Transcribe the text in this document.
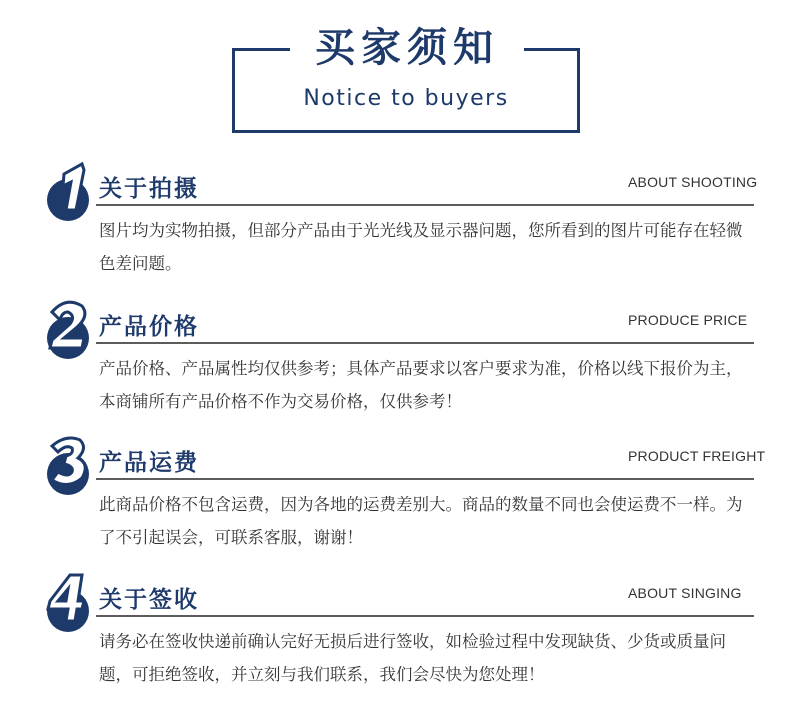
买家须知
Notice to buyers
关于拍摄	ABOUT SHOOTING
图片均为实物拍摄，但部分产品由于光光线及显示器问题，您所看到的图片可能存在轻微色差问题。
产品价格	PRODUCE PRICE
产品价格、产品属性均仅供参考；具体产品要求以客户要求为准，价格以线下报价为主，本商铺所有产品价格不作为交易价格，仅供参考！
产品运费	PRODUCT FREIGHT
此商品价格不包含运费，因为各地的运费差别大。商品的数量不同也会使运费不一样。为了不引起误会，可联系客服，谢谢！
关于签收	ABOUT SINGING
请务必在签收快递前确认完好无损后进行签收，如检验过程中发现缺货、少货或质量问题，可拒绝签收，并立刻与我们联系，我们会尽快为您处理！
